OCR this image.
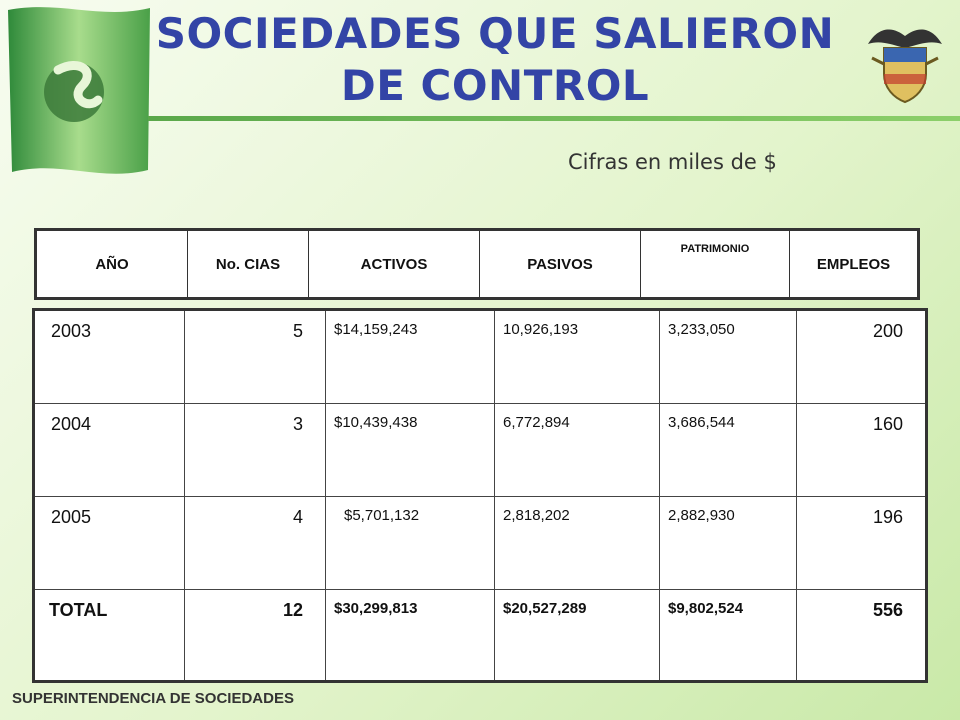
SOCIEDADES QUE SALIERON
DE CONTROL
Cifras en miles de $
AÑO	No. CIAS	ACTIVOS	PASIVOS	PATRIMONIO	EMPLEOS
2003	5	$14,159,243	10,926,193	3,233,050	200
2004	3	$10,439,438	6,772,894	3,686,544	160
2005	4	$5,701,132	2,818,202	2,882,930	196
TOTAL	12	$30,299,813	$20,527,289	$9,802,524	556
SUPERINTENDENCIA DE SOCIEDADES
